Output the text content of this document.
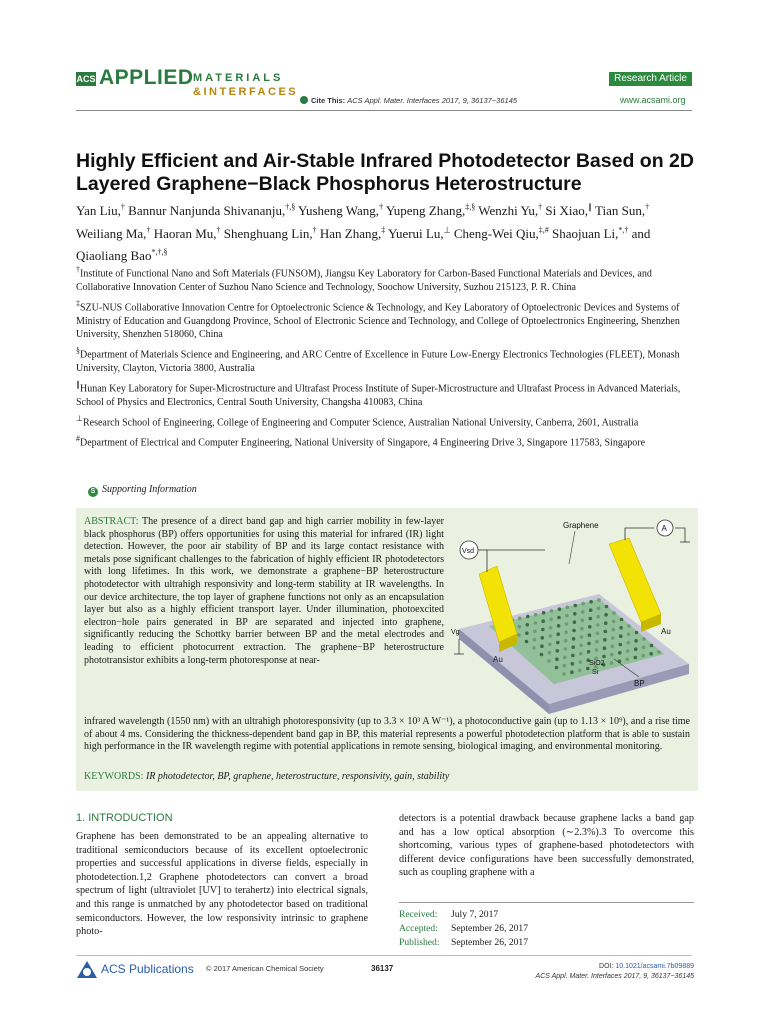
ACS APPLIED MATERIALS
&INTERFACES
Research Article
Cite This: ACS Appl. Mater. Interfaces 2017, 9, 36137−36145	www.acsami.org
Highly Efficient and Air-Stable Infrared Photodetector Based on 2D
Layered Graphene−Black Phosphorus Heterostructure
Yan Liu,† Bannur Nanjunda Shivananju,†,§ Yusheng Wang,† Yupeng Zhang,‡,§ Wenzhi Yu,† Si Xiao,∥ Tian Sun,† Weiliang Ma,† Haoran Mu,† Shenghuang Lin,† Han Zhang,‡ Yuerui Lu,⊥ Cheng-Wei Qiu,‡,# Shaojuan Li,*,† and Qiaoliang Bao*,†,§
†Institute of Functional Nano and Soft Materials (FUNSOM), Jiangsu Key Laboratory for Carbon-Based Functional Materials and Devices, and Collaborative Innovation Center of Suzhou Nano Science and Technology, Soochow University, Suzhou 215123, P. R. China
‡SZU-NUS Collaborative Innovation Centre for Optoelectronic Science & Technology, and Key Laboratory of Optoelectronic Devices and Systems of Ministry of Education and Guangdong Province, School of Electronic Science and Technology, and College of Optoelectronics Engineering, Shenzhen University, Shenzhen 518060, China
§Department of Materials Science and Engineering, and ARC Centre of Excellence in Future Low-Energy Electronics Technologies (FLEET), Monash University, Clayton, Victoria 3800, Australia
∥Hunan Key Laboratory for Super-Microstructure and Ultrafast Process Institute of Super-Microstructure and Ultrafast Process in Advanced Materials, School of Physics and Electronics, Central South University, Changsha 410083, China
⊥Research School of Engineering, College of Engineering and Computer Science, Australian National University, Canberra, 2601, Australia
#Department of Electrical and Computer Engineering, National University of Singapore, 4 Engineering Drive 3, Singapore 117583, Singapore
S Supporting Information
ABSTRACT: The presence of a direct band gap and high carrier mobility in few-layer black phosphorus (BP) offers opportunities for using this material for infrared (IR) light detection. However, the poor air stability of BP and its large contact resistance with metals pose significant challenges to the fabrication of highly efficient IR photodetectors with long lifetimes. In this work, we demonstrate a graphene−BP heterostructure photodetector with ultrahigh responsivity and long-term stability at IR wavelengths. In our device architecture, the top layer of graphene functions not only as an encapsulation layer but also as a highly efficient transport layer. Under illumination, photoexcited electron−hole pairs generated in BP are separated and injected into graphene, significantly reducing the Schottky barrier between BP and the metal electrodes and leading to efficient photocurrent extraction. The graphene−BP heterostructure phototransistor exhibits a long-term photoresponse at near-
infrared wavelength (1550 nm) with an ultrahigh photoresponsivity (up to 3.3 × 10³ A W⁻¹), a photoconductive gain (up to 1.13 × 10⁹), and a rise time of about 4 ms. Considering the thickness-dependent band gap in BP, this material represents a powerful photodetection platform that is able to sustain high performance in the IR wavelength regime with potential applications in remote sensing, biological imaging, and environmental monitoring.
KEYWORDS: IR photodetector, BP, graphene, heterostructure, responsivity, gain, stability
Vsd
A
Graphene
Vg
Au
Au
SiO2
Si
BP
1. INTRODUCTION
Graphene has been demonstrated to be an appealing alternative to traditional semiconductors because of its excellent optoelectronic properties and successful applications in diverse fields, especially in photodetection.1,2 Graphene photodetectors can convert a broad spectrum of light (ultraviolet [UV] to terahertz) into electrical signals, and this range is unmatched by any photodetector based on traditional semiconductors. However, the low responsivity intrinsic to graphene photo-
detectors is a potential drawback because graphene lacks a band gap and has a low optical absorption (∼2.3%).3 To overcome this shortcoming, various types of graphene-based photodetectors with different device configurations have been successfully demonstrated, such as coupling graphene with a
Received: July 7, 2017
Accepted: September 26, 2017
Published: September 26, 2017
ACS Publications © 2017 American Chemical Society	36137	DOI: 10.1021/acsami.7b09889
ACS Appl. Mater. Interfaces 2017, 9, 36137−36145
